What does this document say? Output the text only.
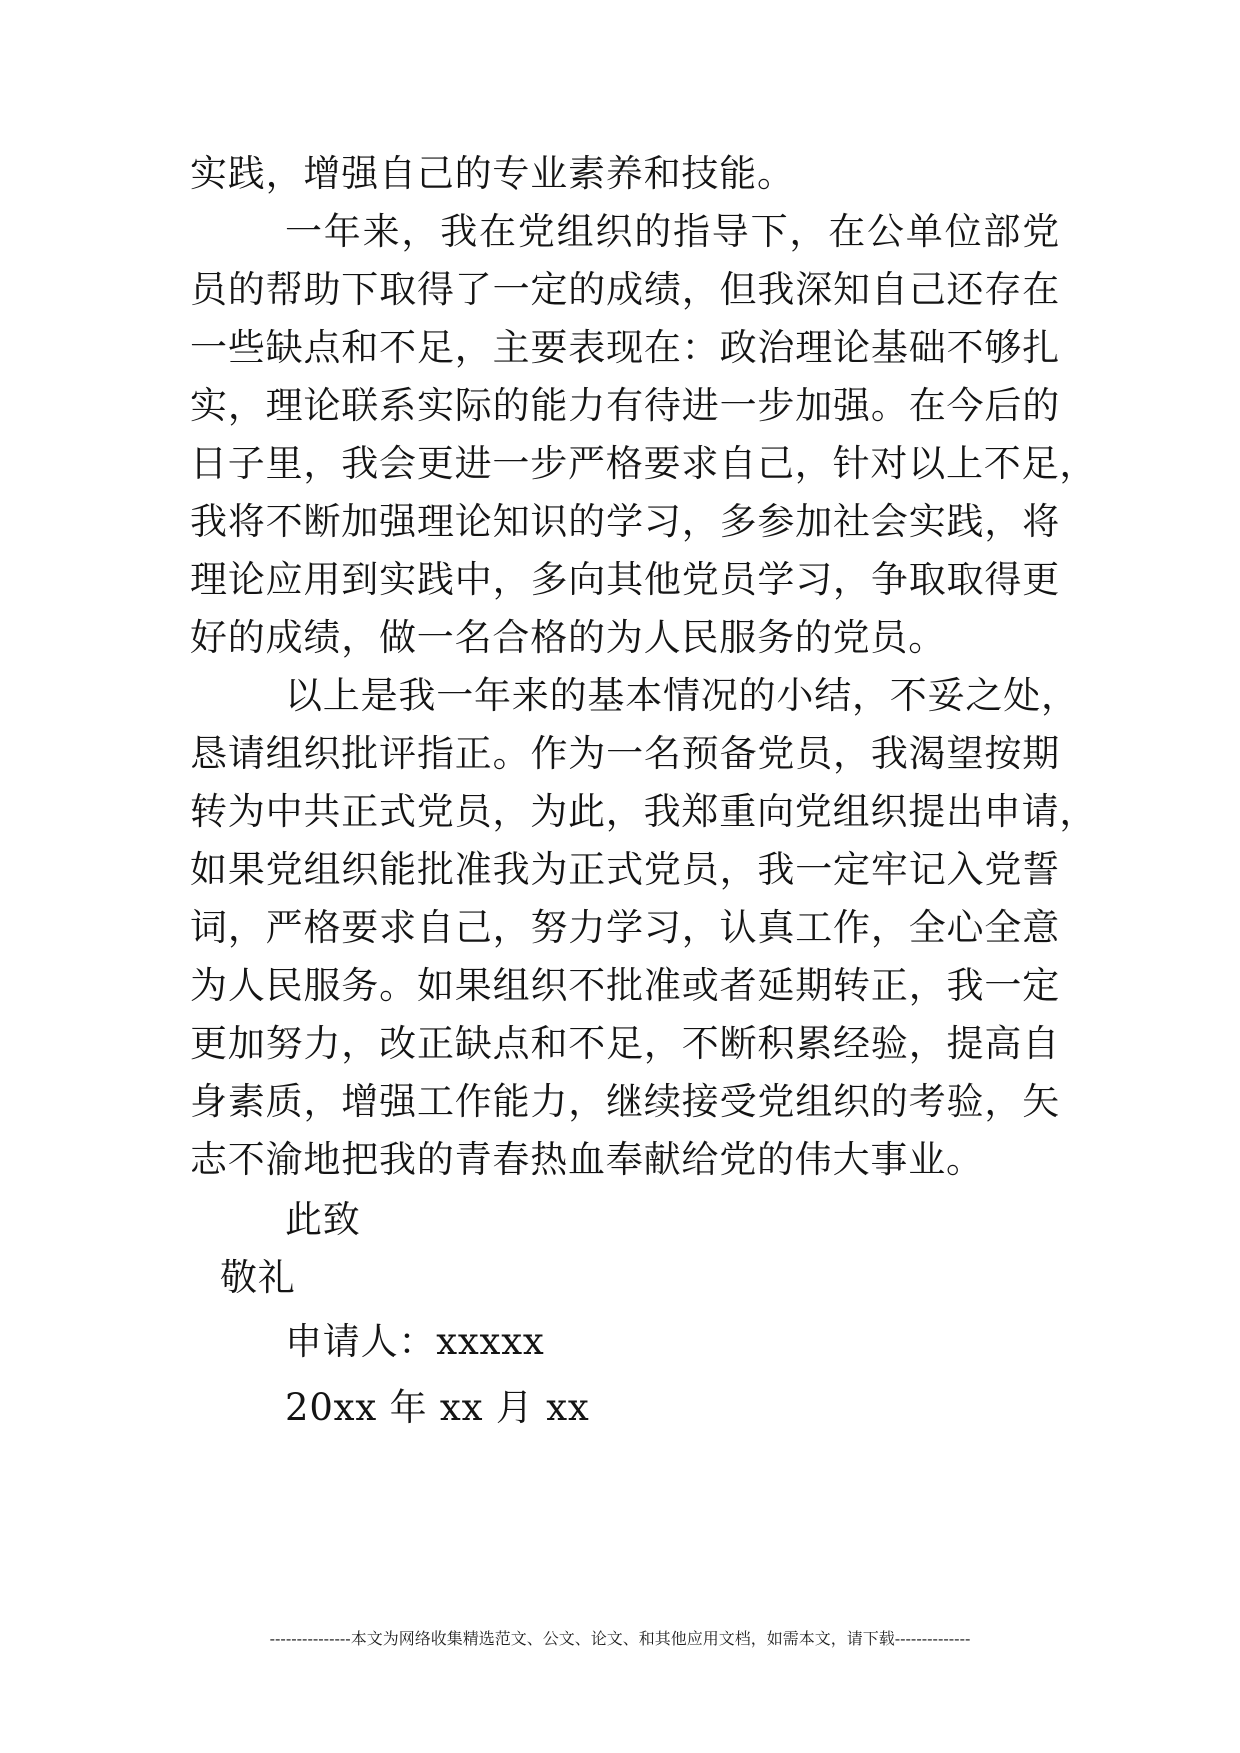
实践，增强自己的专业素养和技能。
一年来，我在党组织的指导下，在公单位部党
员的帮助下取得了一定的成绩，但我深知自己还存在
一些缺点和不足，主要表现在：政治理论基础不够扎
实，理论联系实际的能力有待进一步加强。在今后的
日子里，我会更进一步严格要求自己，针对以上不足，
我将不断加强理论知识的学习，多参加社会实践，将
理论应用到实践中，多向其他党员学习，争取取得更
好的成绩，做一名合格的为人民服务的党员。
以上是我一年来的基本情况的小结，不妥之处，
恳请组织批评指正。作为一名预备党员，我渴望按期
转为中共正式党员，为此，我郑重向党组织提出申请，
如果党组织能批准我为正式党员，我一定牢记入党誓
词，严格要求自己，努力学习，认真工作，全心全意
为人民服务。如果组织不批准或者延期转正，我一定
更加努力，改正缺点和不足，不断积累经验，提高自
身素质，增强工作能力，继续接受党组织的考验，矢
志不渝地把我的青春热血奉献给党的伟大事业。
此致
敬礼
申请人：xxxxx
20xx 年 xx 月 xx
---------------本文为网络收集精选范文、公文、论文、和其他应用文档，如需本文，请下载--------------
